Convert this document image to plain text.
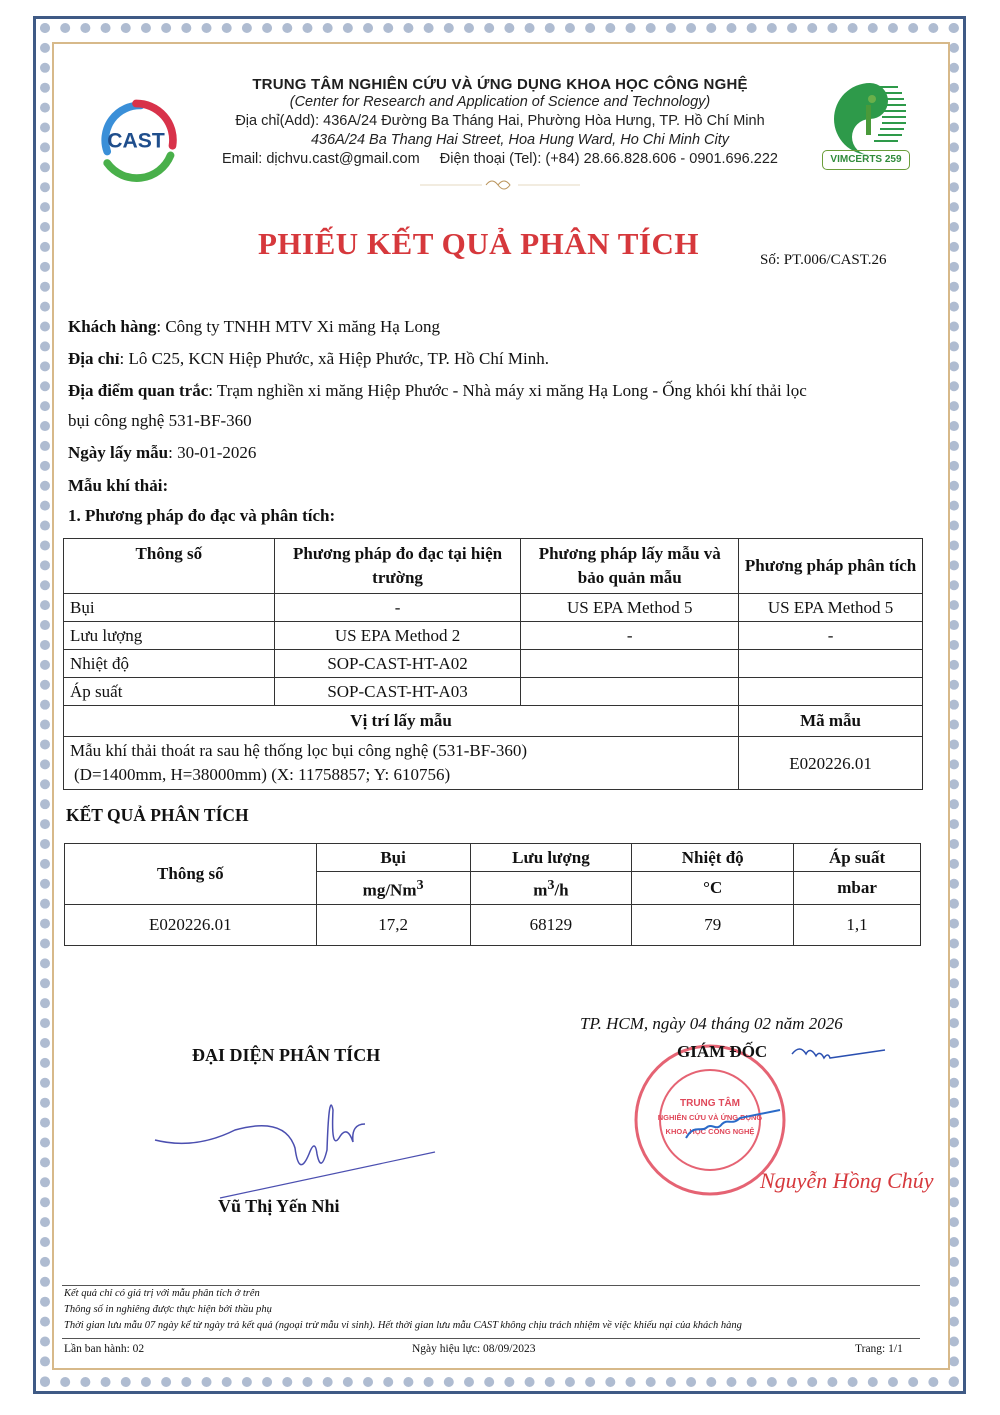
CAST
VIMCERTS 259
TRUNG TÂM NGHIÊN CỨU VÀ ỨNG DỤNG KHOA HỌC CÔNG NGHỆ
(Center for Research and Application of Science and Technology)
Địa chỉ(Add): 436A/24 Đường Ba Tháng Hai, Phường Hòa Hưng, TP. Hồ Chí Minh
436A/24 Ba Thang Hai Street, Hoa Hung Ward, Ho Chi Minh City
Email: dịchvu.cast@gmail.com     Điện thoại (Tel): (+84) 28.66.828.606 - 0901.696.222
PHIẾU KẾT QUẢ PHÂN TÍCH	Số: PT.006/CAST.26
Khách hàng: Công ty TNHH MTV Xi măng Hạ Long
Địa chỉ: Lô C25, KCN Hiệp Phước, xã Hiệp Phước, TP. Hồ Chí Minh.
Địa điểm quan trắc: Trạm nghiền xi măng Hiệp Phước - Nhà máy xi măng Hạ Long - Ống khói khí thải lọc
bụi công nghệ 531-BF-360
Ngày lấy mẫu: 30-01-2026
Mẫu khí thải:
1. Phương pháp đo đạc và phân tích:
Thông số	Phương pháp đo đạc tại hiện trường	Phương pháp lấy mẫu và bảo quản mẫu	Phương pháp phân tích
Bụi	-	US EPA Method 5	US EPA Method 5
Lưu lượng	US EPA Method 2	-	-
Nhiệt độ	SOP-CAST-HT-A02		
Áp suất	SOP-CAST-HT-A03		
Vị trí lấy mẫu			Mã mẫu

Mẫu khí thải thoát ra sau hệ thống lọc bụi công nghệ (531-BF-360)
(D=1400mm, H=38000mm) (X: 11758857; Y: 610756)			E020226.01
KẾT QUẢ PHÂN TÍCH
Thông số	Bụi	Lưu lượng	Nhiệt độ	Áp suất
	mg/Nm$^3$	$m^3/h$	°C	mbar
E020226.01	17,2	68129	79	1,1
TP. HCM, ngày 04 tháng 02 năm 2026
TRUNG TÂM
NGHIÊN CỨU VÀ ỨNG DỤNG
KHOA HỌC CÔNG NGHỆ
GIÁM ĐỐC
Nguyễn Hồng Chúy
ĐẠI DIỆN PHÂN TÍCH
Vũ Thị Yến Nhi
Kết quả chỉ có giá trị với mẫu phân tích ở trên
Thông số in nghiêng được thực hiện bởi thầu phụ
Thời gian lưu mẫu 07 ngày kể từ ngày trả kết quả (ngoại trừ mẫu vi sinh). Hết thời gian lưu mẫu CAST không chịu trách nhiệm về việc khiếu nại của khách hàng
Lần ban hành: 02	Ngày hiệu lực: 08/09/2023	Trang: 1/1
